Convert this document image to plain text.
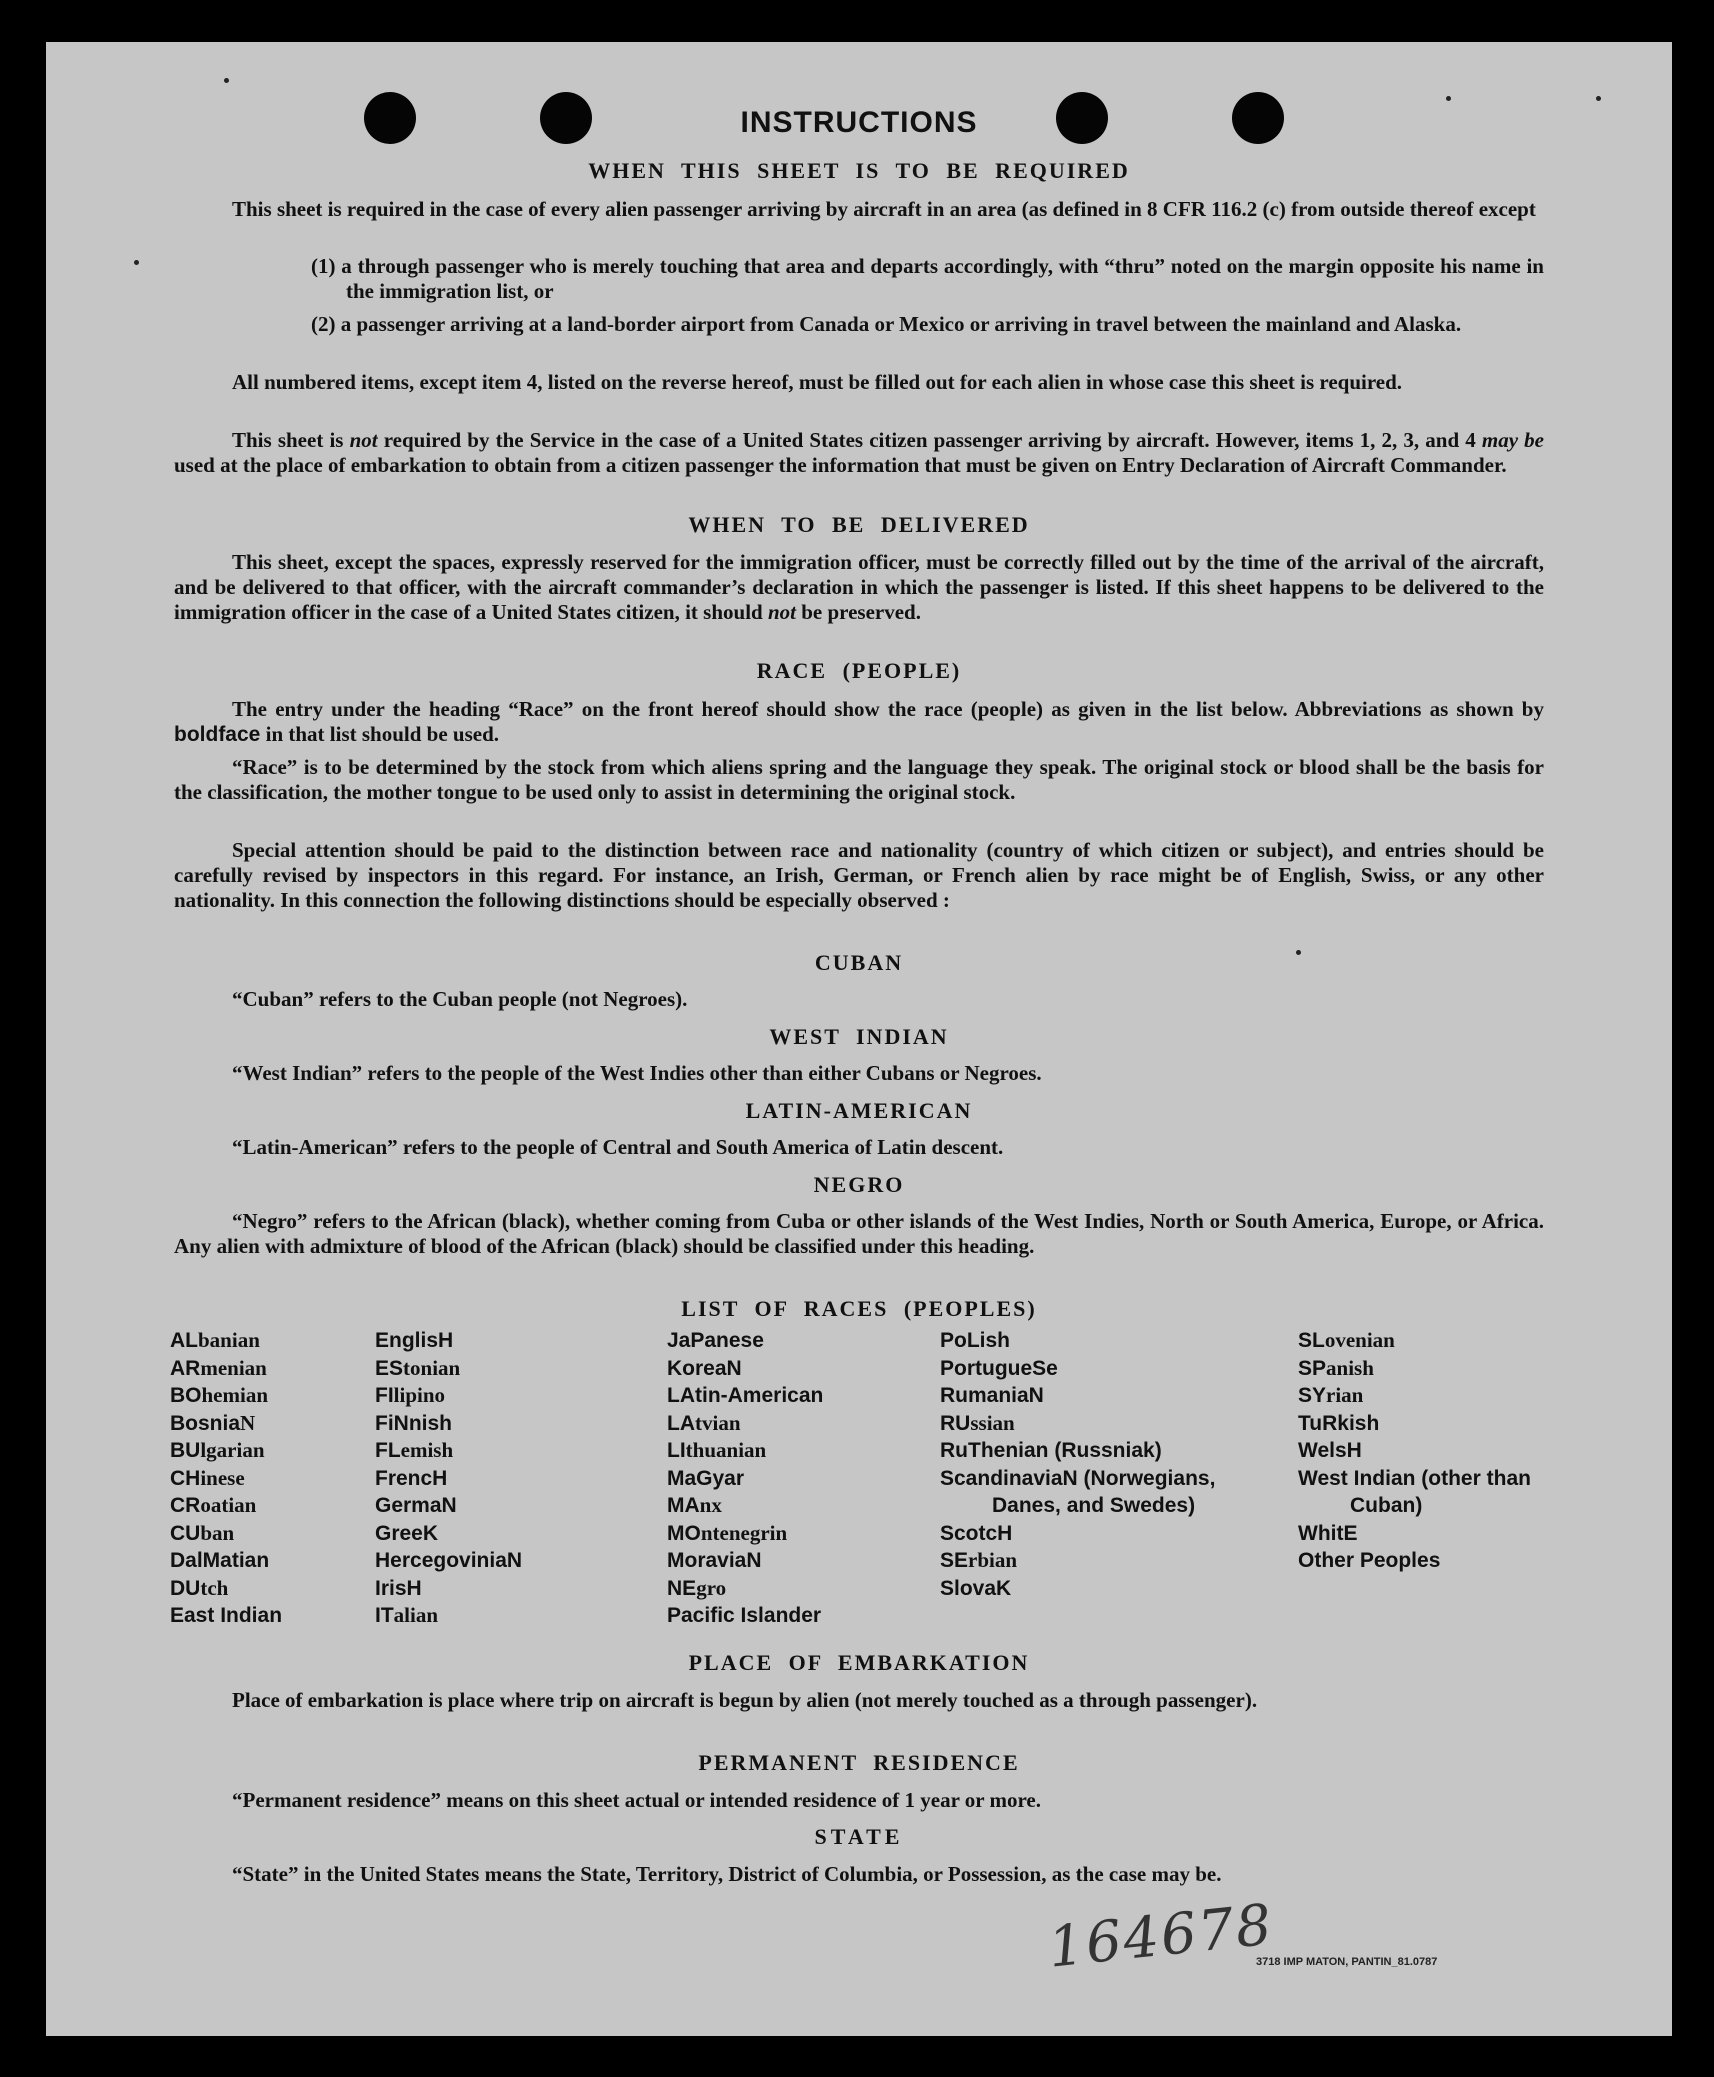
INSTRUCTIONS
WHEN THIS SHEET IS TO BE REQUIRED
This sheet is required in the case of every alien passenger arriving by aircraft in an area (as defined in 8 CFR 116.2 (c) from outside thereof except
(1) a through passenger who is merely touching that area and departs accordingly, with “thru” noted on the margin opposite his name in the immigration list, or
(2) a passenger arriving at a land-border airport from Canada or Mexico or arriving in travel between the mainland and Alaska.
All numbered items, except item 4, listed on the reverse hereof, must be filled out for each alien in whose case this sheet is required.
This sheet is not required by the Service in the case of a United States citizen passenger arriving by aircraft. However, items 1, 2, 3, and 4 may be used at the place of embarkation to obtain from a citizen passenger the information that must be given on Entry Declaration of Aircraft Commander.
WHEN TO BE DELIVERED
This sheet, except the spaces, expressly reserved for the immigration officer, must be correctly filled out by the time of the arrival of the aircraft, and be delivered to that officer, with the aircraft commander’s declaration in which the passenger is listed. If this sheet happens to be delivered to the immigration officer in the case of a United States citizen, it should not be preserved.
RACE (PEOPLE)
The entry under the heading “Race” on the front hereof should show the race (people) as given in the list below. Abbreviations as shown by boldface in that list should be used.
“Race” is to be determined by the stock from which aliens spring and the language they speak. The original stock or blood shall be the basis for the classification, the mother tongue to be used only to assist in determining the original stock.
Special attention should be paid to the distinction between race and nationality (country of which citizen or subject), and entries should be carefully revised by inspectors in this regard. For instance, an Irish, German, or French alien by race might be of English, Swiss, or any other nationality. In this connection the following distinctions should be especially observed :
CUBAN
“Cuban” refers to the Cuban people (not Negroes).
WEST INDIAN
“West Indian” refers to the people of the West Indies other than either Cubans or Negroes.
LATIN-AMERICAN
“Latin-American” refers to the people of Central and South America of Latin descent.
NEGRO
“Negro” refers to the African (black), whether coming from Cuba or other islands of the West Indies, North or South America, Europe, or Africa. Any alien with admixture of blood of the African (black) should be classified under this heading.
LIST OF RACES (PEOPLES)
ALbanian
ARmenian
BOhemian
BosniaN
BUlgarian
CHinese
CRoatian
CUban
DalMatian
DUtch
East Indian
EnglisH
EStonian
FIlipino
FiNnish
FLemish
FrencH
GermaN
GreeK
HercegoviniaN
IrisH
ITalian
JaPanese
KoreaN
LAtin-American
LAtvian
LIthuanian
MaGyar
MAnx
MOntenegrin
MoraviaN
NEgro
Pacific Islander
PoLish
PortugueSe
RumaniaN
RUssian
RuThenian (Russniak)
ScandinaviaN (Norwegians, Danes, and Swedes)
ScotcH
SErbian
SlovaK
SLovenian
SPanish
SYrian
TuRkish
WelsH
West Indian (other than Cuban)
WhitE
Other Peoples
PLACE OF EMBARKATION
Place of embarkation is place where trip on aircraft is begun by alien (not merely touched as a through passenger).
PERMANENT RESIDENCE
“Permanent residence” means on this sheet actual or intended residence of 1 year or more.
STATE
“State” in the United States means the State, Territory, District of Columbia, or Possession, as the case may be.
164678
3718 IMP MATON, PANTIN_81.0787
